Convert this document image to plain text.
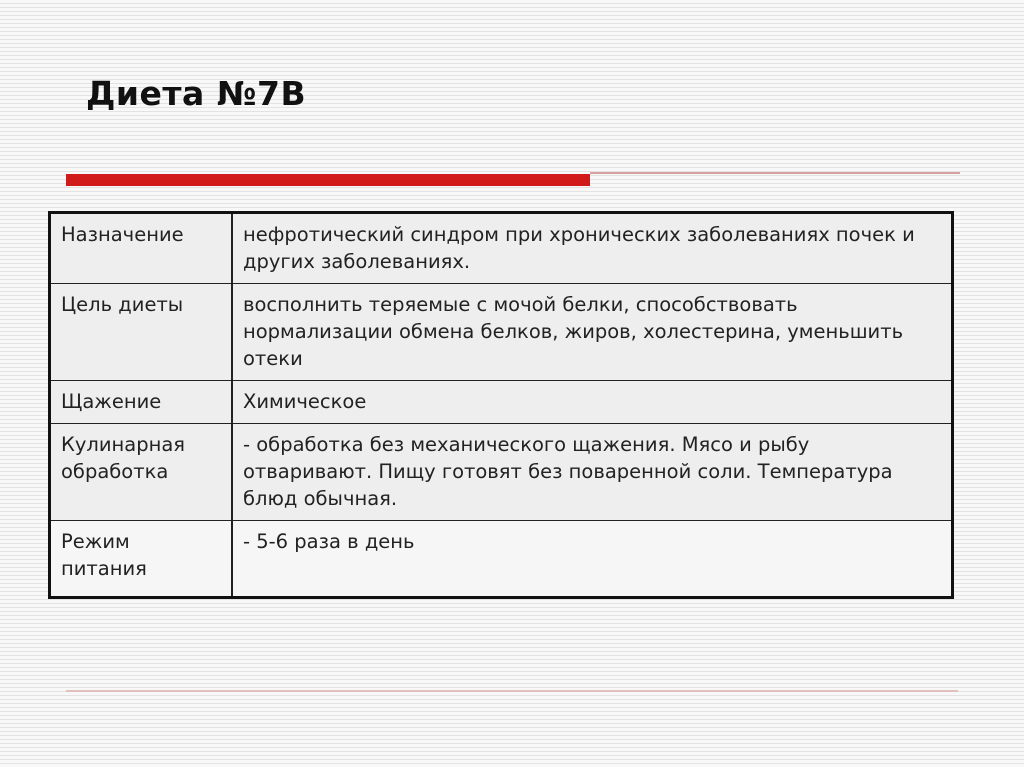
Диета №7В
Назначение	нефротический синдром при хронических заболеваниях почек и других заболеваниях.
Цель диеты	восполнить теряемые с мочой белки, способствовать нормализации обмена белков, жиров, холестерина, уменьшить отеки
Щажение	Химическое
Кулинарная обработка	- обработка без механического щажения. Мясо и рыбу отваривают. Пищу готовят без поваренной соли. Температура блюд обычная.
Режим питания	- 5-6 раза в день
